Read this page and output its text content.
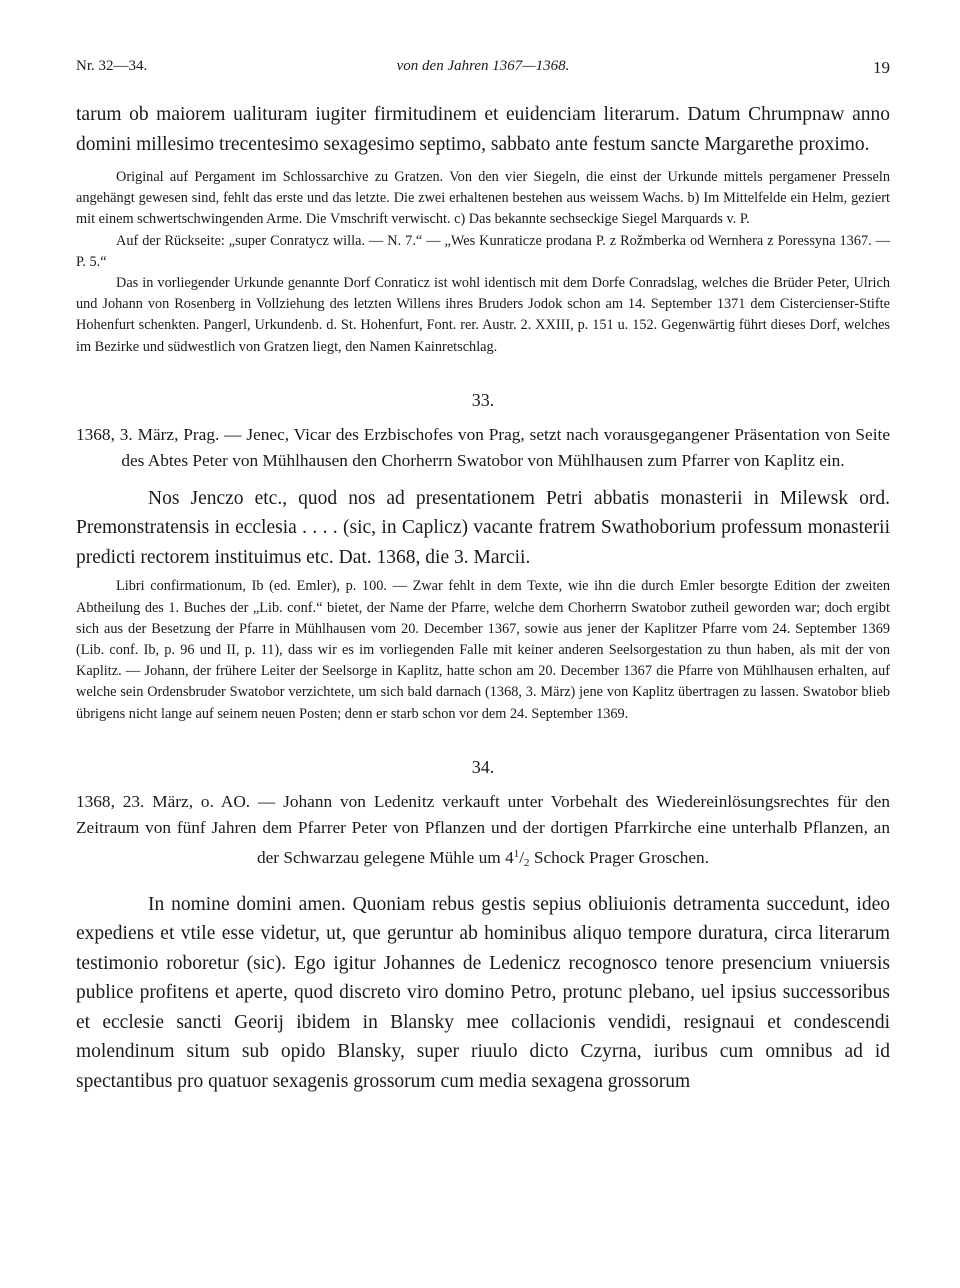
Nr. 32—34.	von den Jahren 1367—1368.	19

tarum ob maiorem ualituram iugiter firmitudinem et euidenciam literarum. Datum Chrumpnaw anno domini millesimo trecentesimo sexagesimo septimo, sabbato ante festum sancte Margarethe proximo.

Original auf Pergament im Schlossarchive zu Gratzen. Von den vier Siegeln, die einst der Urkunde mittels pergamener Presseln angehängt gewesen sind, fehlt das erste und das letzte. Die zwei erhaltenen bestehen aus weissem Wachs. b) Im Mittelfelde ein Helm, geziert mit einem schwertschwingenden Arme. Die Vmschrift verwischt. c) Das bekannte sechseckige Siegel Marquards v. P.

Auf der Rückseite: „super Conratycz willa. — N. 7.“ — „Wes Kunraticze prodana P. z Rožmberka od Wernhera z Poressyna 1367. — P. 5.“

Das in vorliegender Urkunde genannte Dorf Conraticz ist wohl identisch mit dem Dorfe Conradslag, welches die Brüder Peter, Ulrich und Johann von Rosenberg in Vollziehung des letzten Willens ihres Bruders Jodok schon am 14. September 1371 dem Cistercienser-Stifte Hohenfurt schenkten. Pangerl, Urkundenb. d. St. Hohenfurt, Font. rer. Austr. 2. XXIII, p. 151 u. 152. Gegenwärtig führt dieses Dorf, welches im Bezirke und südwestlich von Gratzen liegt, den Namen Kainretschlag.

33.

1368, 3. März, Prag. — Jenec, Vicar des Erzbischofes von Prag, setzt nach vorausgegangener Präsentation von Seite des Abtes Peter von Mühlhausen den Chorherrn Swatobor von Mühlhausen zum Pfarrer von Kaplitz ein.

Nos Jenczo etc., quod nos ad presentationem Petri abbatis monasterii in Milewsk ord. Premonstratensis in ecclesia . . . . (sic, in Caplicz) vacante fratrem Swathoborium professum monasterii predicti rectorem instituimus etc. Dat. 1368, die 3. Marcii.

Libri confirmationum, Ib (ed. Emler), p. 100. — Zwar fehlt in dem Texte, wie ihn die durch Emler besorgte Edition der zweiten Abtheilung des 1. Buches der „Lib. conf.“ bietet, der Name der Pfarre, welche dem Chorherrn Swatobor zutheil geworden war; doch ergibt sich aus der Besetzung der Pfarre in Mühlhausen vom 20. December 1367, sowie aus jener der Kaplitzer Pfarre vom 24. September 1369 (Lib. conf. Ib, p. 96 und II, p. 11), dass wir es im vorliegenden Falle mit keiner anderen Seelsorgestation zu thun haben, als mit der von Kaplitz. — Johann, der frühere Leiter der Seelsorge in Kaplitz, hatte schon am 20. December 1367 die Pfarre von Mühlhausen erhalten, auf welche sein Ordensbruder Swatobor verzichtete, um sich bald darnach (1368, 3. März) jene von Kaplitz übertragen zu lassen. Swatobor blieb übrigens nicht lange auf seinem neuen Posten; denn er starb schon vor dem 24. September 1369.

34.

1368, 23. März, o. AO. — Johann von Ledenitz verkauft unter Vorbehalt des Wiedereinlösungsrechtes für den Zeitraum von fünf Jahren dem Pfarrer Peter von Pflanzen und der dortigen Pfarrkirche eine unterhalb Pflanzen, an der Schwarzau gelegene Mühle um $4^1/_2$ Schock Prager Groschen.

In nomine domini amen. Quoniam rebus gestis sepius obliuionis detramenta succedunt, ideo expediens et vtile esse videtur, ut, que geruntur ab hominibus aliquo tempore duratura, circa literarum testimonio roboretur (sic). Ego igitur Johannes de Ledenicz recognosco tenore presencium vniuersis publice profitens et aperte, quod discreto viro domino Petro, protunc plebano, uel ipsius successoribus et ecclesie sancti Georij ibidem in Blansky mee collacionis vendidi, resignaui et condescendi molendinum situm sub opido Blansky, super riuulo dicto Czyrna, iuribus cum omnibus ad id spectantibus pro quatuor sexagenis grossorum cum media sexagena grossorum
